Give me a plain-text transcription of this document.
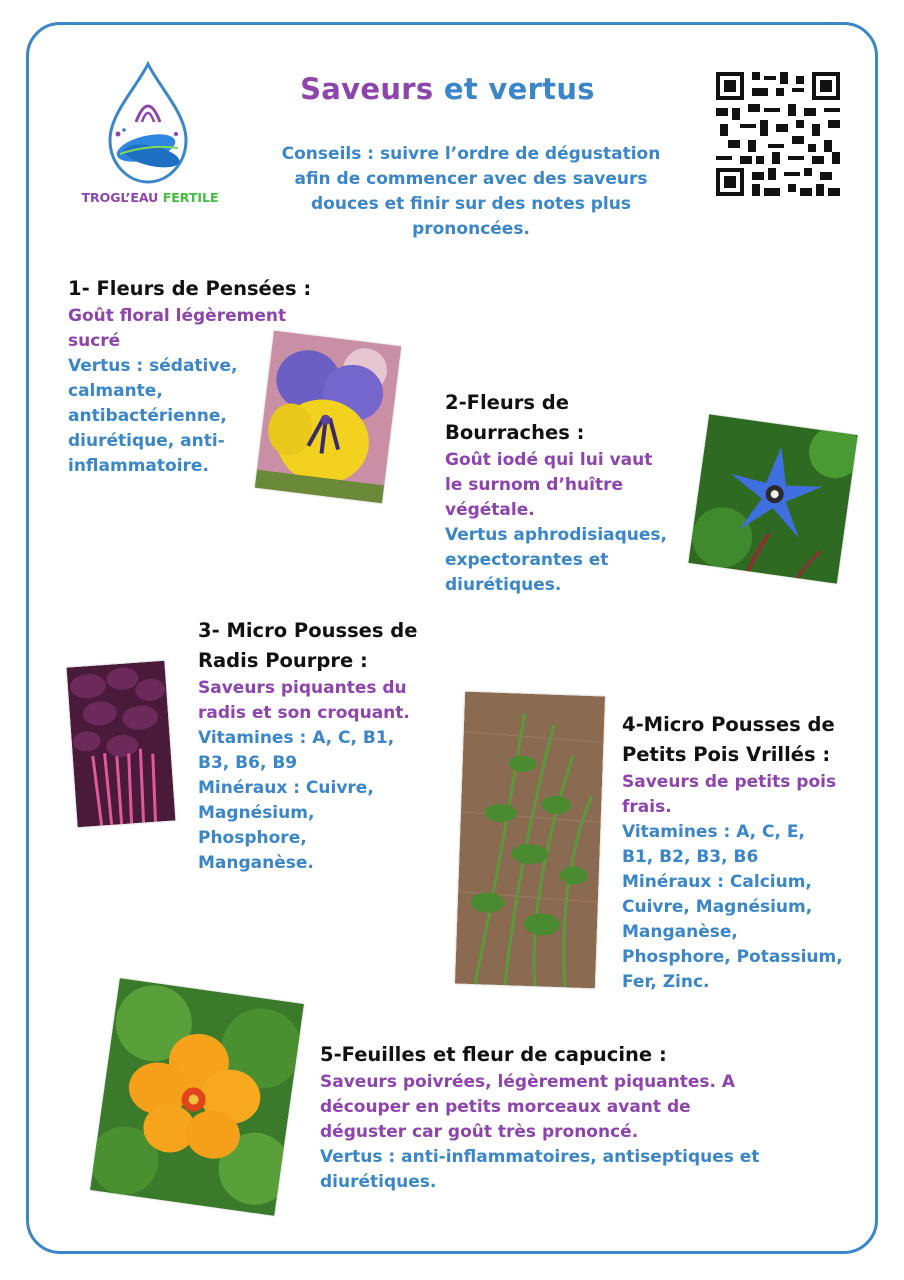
TROGL’EAU FERTILE
Saveurs et vertus
Conseils : suivre l’ordre de dégustation afin de commencer avec des saveurs douces et finir sur des notes plus prononcées.
1- Fleurs de Pensées :
Goût floral légèrement
sucré
Vertus : sédative,
calmante,
antibactérienne,
diurétique, anti-
inflammatoire.
2-Fleurs de
Bourraches :
Goût iodé qui lui vaut
le surnom d’huître
végétale.
Vertus aphrodisiaques,
expectorantes et
diurétiques.
3- Micro Pousses de
Radis Pourpre :
Saveurs piquantes du
radis et son croquant.
Vitamines : A, C, B1,
B3, B6, B9
Minéraux : Cuivre,
Magnésium,
Phosphore,
Manganèse.
4-Micro Pousses de
Petits Pois Vrillés :
Saveurs de petits pois
frais.
Vitamines : A, C, E,
B1, B2, B3, B6
Minéraux : Calcium,
Cuivre, Magnésium,
Manganèse,
Phosphore, Potassium,
Fer, Zinc.
5-Feuilles et fleur de capucine :
Saveurs poivrées, légèrement piquantes. A
découper en petits morceaux avant de
déguster car goût très prononcé.
Vertus : anti-inflammatoires, antiseptiques et
diurétiques.
